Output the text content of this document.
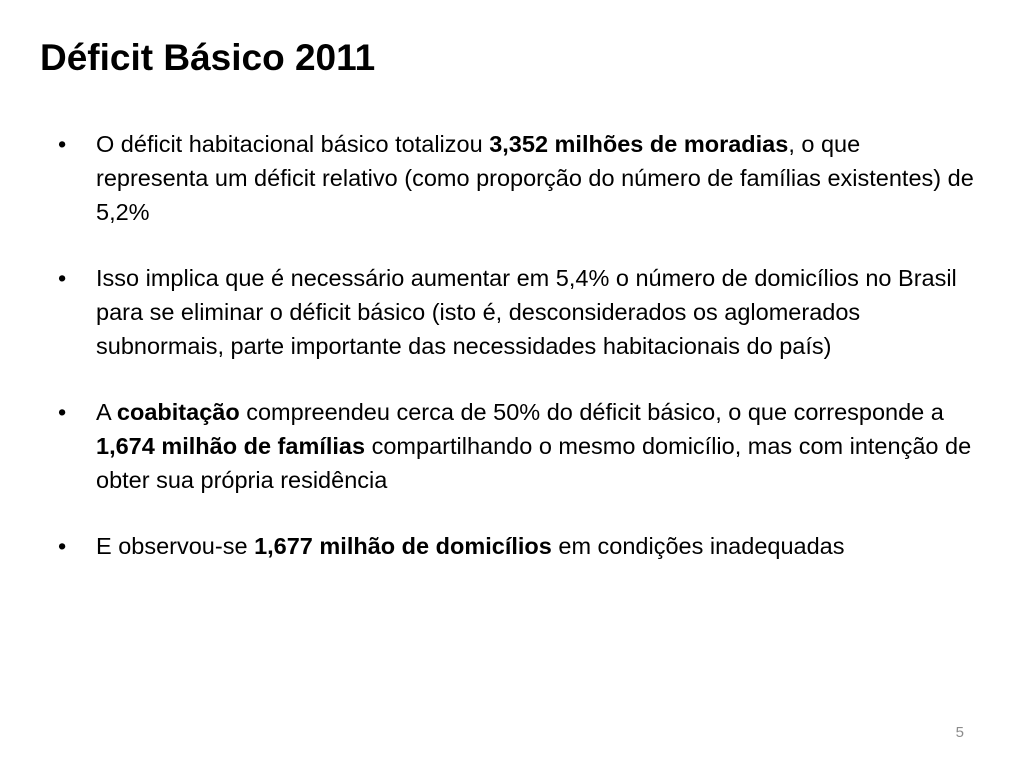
Déficit Básico 2011
• O déficit habitacional básico totalizou 3,352 milhões de moradias, o que representa um déficit relativo (como proporção do número de famílias existentes) de 5,2%
• Isso implica que é necessário aumentar em 5,4% o número de domicílios no Brasil para se eliminar o déficit básico (isto é, desconsiderados os aglomerados subnormais, parte importante das necessidades habitacionais do país)
• A coabitação compreendeu cerca de 50% do déficit básico, o que corresponde a 1,674 milhão de famílias compartilhando o mesmo domicílio, mas com intenção de obter sua própria residência
• E observou-se 1,677 milhão de domicílios em condições inadequadas
5
